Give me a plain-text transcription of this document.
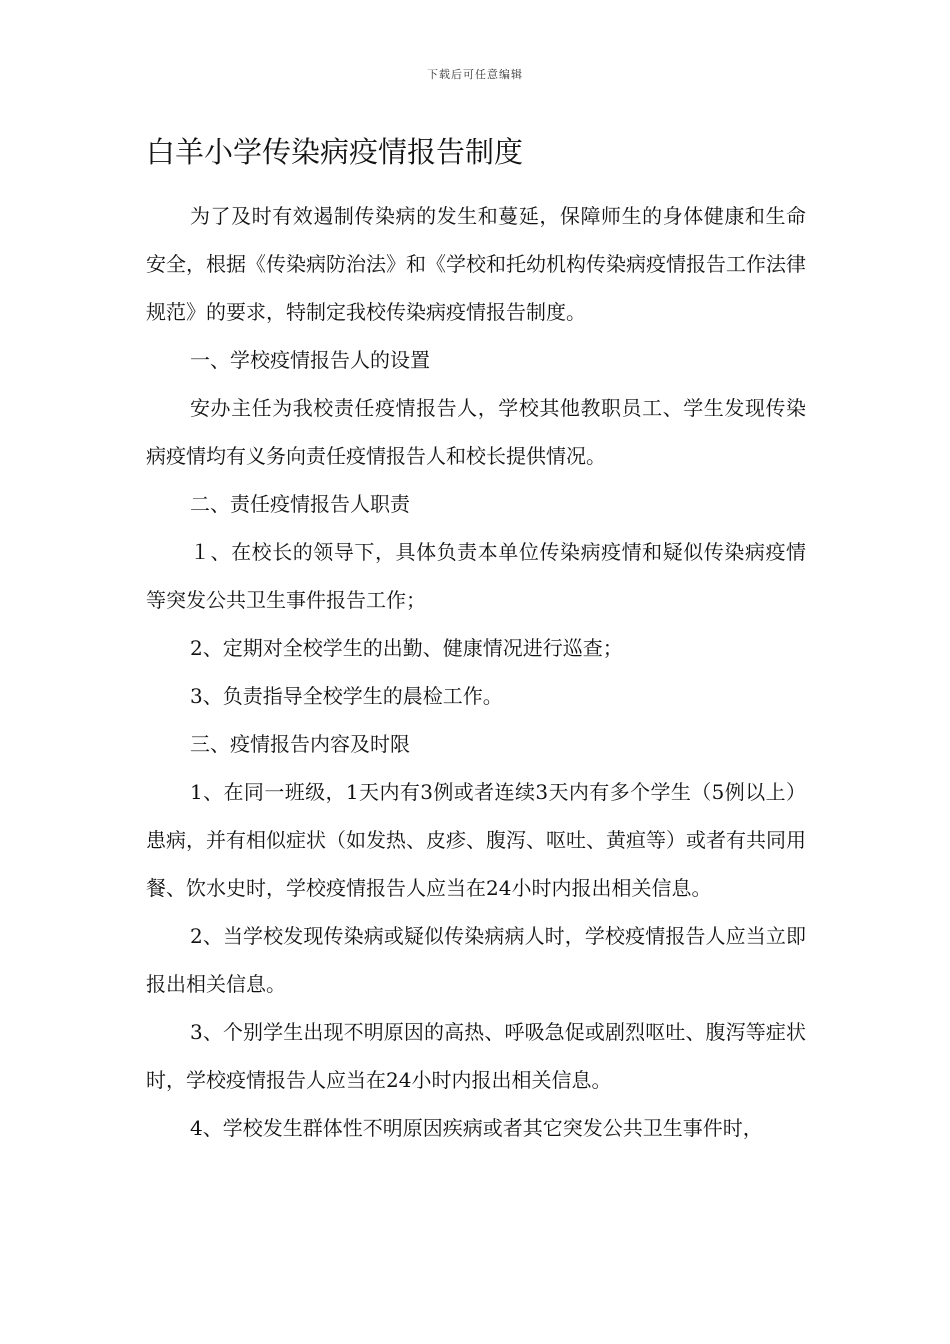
下载后可任意编辑
白羊小学传染病疫情报告制度

为了及时有效遏制传染病的发生和蔓延，保障师生的身体健康和生命安全，根据《传染病防治法》和《学校和托幼机构传染病疫情报告工作法律规范》的要求，特制定我校传染病疫情报告制度。

一、学校疫情报告人的设置

安办主任为我校责任疫情报告人，学校其他教职员工、学生发现传染病疫情均有义务向责任疫情报告人和校长提供情况。

二、责任疫情报告人职责

１、在校长的领导下，具体负责本单位传染病疫情和疑似传染病疫情等突发公共卫生事件报告工作；

2、定期对全校学生的出勤、健康情况进行巡查；

3、负责指导全校学生的晨检工作。

三、疫情报告内容及时限

1、在同一班级，1天内有3例或者连续3天内有多个学生（5例以上）患病，并有相似症状（如发热、皮疹、腹泻、呕吐、黄疸等）或者有共同用餐、饮水史时，学校疫情报告人应当在24小时内报出相关信息。

2、当学校发现传染病或疑似传染病病人时，学校疫情报告人应当立即报出相关信息。

3、个别学生出现不明原因的高热、呼吸急促或剧烈呕吐、腹泻等症状时，学校疫情报告人应当在24小时内报出相关信息。

4、学校发生群体性不明原因疾病或者其它突发公共卫生事件时，
